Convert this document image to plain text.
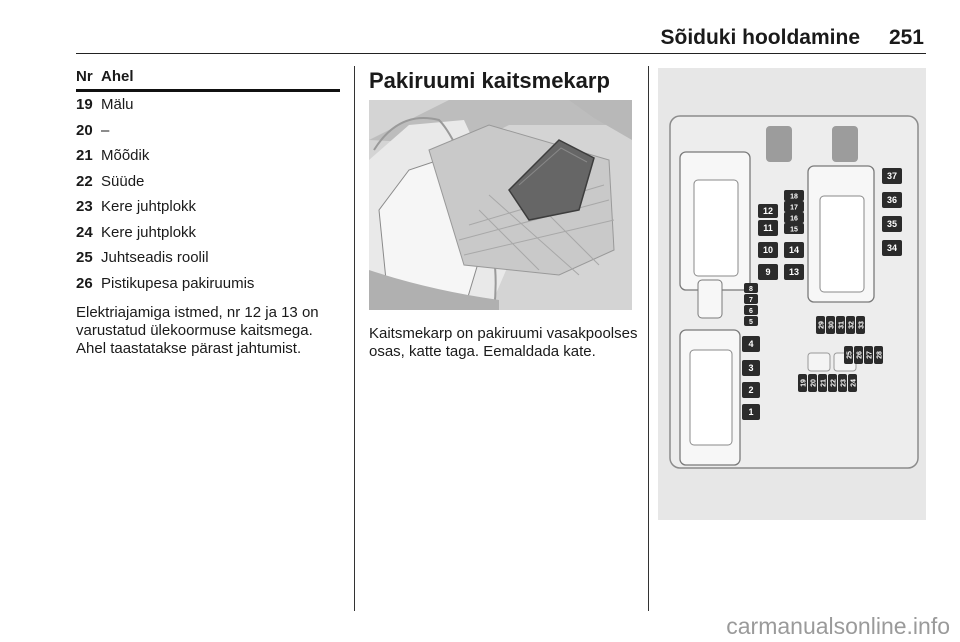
Sõiduki hooldamine	251
Nr Ahel
19 Mälu
20 –
21 Mõõdik
22 Süüde
23 Kere juhtplokk
24 Kere juhtplokk
25 Juhtseadis roolil
26 Pistikupesa pakiruumis
Elektriajamiga istmed, nr 12 ja 13 on varustatud ülekoormuse kaitsmega. Ahel taastatakse pärast jahtumist.
Pakiruumi kaitsmekarp
Kaitsmekarp on pakiruumi vasakpoolses osas, katte taga. Eemaldada kate.
1
2
3
4
5
6
7
8
9
10
11
12
13
14
15
16
17
18
19 20 21 22 23 24
25 26 27 28
29 30 31 32 33
34
35
36
37
carmanualsonline.info
